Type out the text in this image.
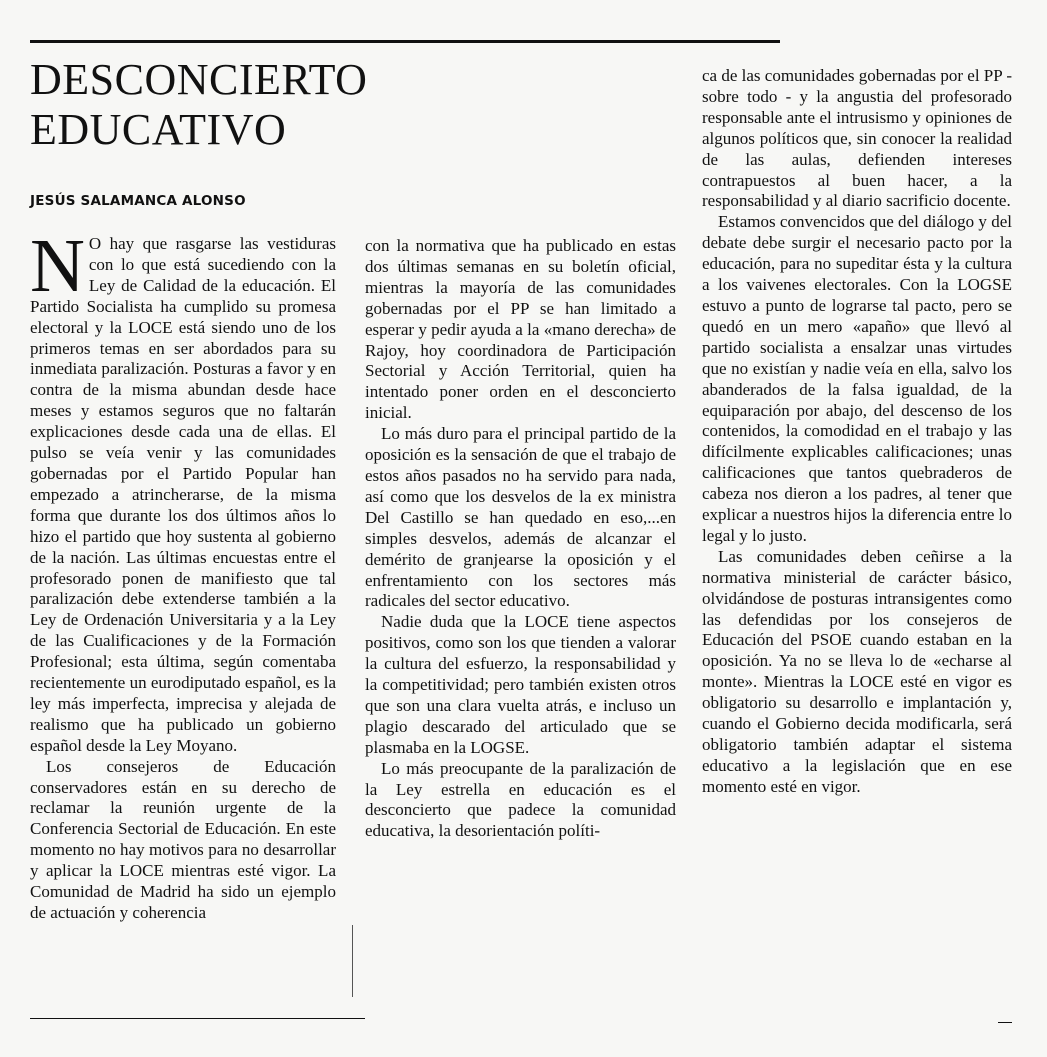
DESCONCIERTO
EDUCATIVO
JESÚS SALAMANCA ALONSO

N O hay que rasgarse las vestiduras con lo que está sucediendo con la Ley de Calidad de la educación. El Partido Socialista ha cumplido su promesa electoral y la LOCE está siendo uno de los primeros temas en ser abordados para su inmediata paralización. Posturas a favor y en contra de la misma abundan desde hace meses y estamos seguros que no faltarán explicaciones desde cada una de ellas. El pulso se veía venir y las comunidades gobernadas por el Partido Popular han empezado a atrincherarse, de la misma forma que durante los dos últimos años lo hizo el partido que hoy sustenta al gobierno de la nación. Las últimas encuestas entre el profesorado ponen de manifiesto que tal paralización debe extenderse también a la Ley de Ordenación Universitaria y a la Ley de las Cualificaciones y de la Formación Profesional; esta última, según comentaba recientemente un eurodiputado español, es la ley más imperfecta, imprecisa y alejada de realismo que ha publicado un gobierno español desde la Ley Moyano.

Los consejeros de Educación conservadores están en su derecho de reclamar la reunión urgente de la Conferencia Sectorial de Educación. En este momento no hay motivos para no desarrollar y aplicar la LOCE mientras esté vigor. La Comunidad de Madrid ha sido un ejemplo de actuación y coherencia

con la normativa que ha publicado en estas dos últimas semanas en su boletín oficial, mientras la mayoría de las comunidades gobernadas por el PP se han limitado a esperar y pedir ayuda a la «mano derecha» de Rajoy, hoy coordinadora de Participación Sectorial y Acción Territorial, quien ha intentado poner orden en el desconcierto inicial.

Lo más duro para el principal partido de la oposición es la sensación de que el trabajo de estos años pasados no ha servido para nada, así como que los desvelos de la ex ministra Del Castillo se han quedado en eso,...en simples desvelos, además de alcanzar el demérito de granjearse la oposición y el enfrentamiento con los sectores más radicales del sector educativo.

Nadie duda que la LOCE tiene aspectos positivos, como son los que tienden a valorar la cultura del esfuerzo, la responsabilidad y la competitividad; pero también existen otros que son una clara vuelta atrás, e incluso un plagio descarado del articulado que se plasmaba en la LOGSE.

Lo más preocupante de la paralización de la Ley estrella en educación es el desconcierto que padece la comunidad educativa, la desorientación políti-

ca de las comunidades gobernadas por el PP - sobre todo - y la angustia del profesorado responsable ante el intrusismo y opiniones de algunos políticos que, sin conocer la realidad de las aulas, defienden intereses contrapuestos al buen hacer, a la responsabilidad y al diario sacrificio docente.

Estamos convencidos que del diálogo y del debate debe surgir el necesario pacto por la educación, para no supeditar ésta y la cultura a los vaivenes electorales. Con la LOGSE estuvo a punto de lograrse tal pacto, pero se quedó en un mero «apaño» que llevó al partido socialista a ensalzar unas virtudes que no existían y nadie veía en ella, salvo los abanderados de la falsa igualdad, de la equiparación por abajo, del descenso de los contenidos, la comodidad en el trabajo y las difícilmente explicables calificaciones; unas calificaciones que tantos quebraderos de cabeza nos dieron a los padres, al tener que explicar a nuestros hijos la diferencia entre lo legal y lo justo.

Las comunidades deben ceñirse a la normativa ministerial de carácter básico, olvidándose de posturas intransigentes como las defendidas por los consejeros de Educación del PSOE cuando estaban en la oposición. Ya no se lleva lo de «echarse al monte». Mientras la LOCE esté en vigor es obligatorio su desarrollo e implantación y, cuando el Gobierno decida modificarla, será obligatorio también adaptar el sistema educativo a la legislación que en ese momento esté en vigor.
